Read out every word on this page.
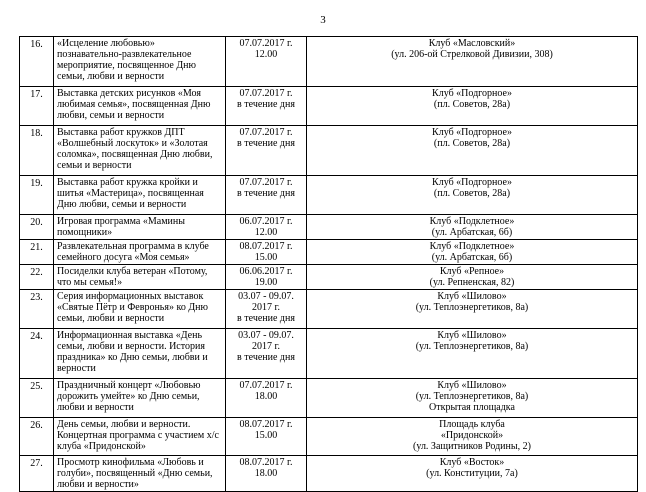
3
16.	«Исцеление любовью» познавательно-развлекательное мероприятие, посвященное Дню семьи, любви и верности	07.07.2017 г.
12.00	Клуб «Масловский»
(ул. 206-ой Стрелковой Дивизии, 308)

17.	Выставка детских рисунков «Моя любимая семья», посвященная Дню любви, семьи и верности	07.07.2017 г.
в течение дня	Клуб «Подгорное»
(пл. Советов, 28а)

18.	Выставка работ кружков ДПТ «Волшебный лоскуток» и «Золотая соломка», посвященная Дню любви, семьи и верности	07.07.2017 г.
в течение дня	Клуб «Подгорное»
(пл. Советов, 28а)

19.	Выставка работ кружка кройки и шитья «Мастерица», посвященная Дню любви, семьи и верности	07.07.2017 г.
в течение дня	Клуб «Подгорное»
(пл. Советов, 28а)

20.	Игровая программа «Мамины помощники»	06.07.2017 г.
12.00	Клуб «Подклетное»
(ул. Арбатская, 6б)

21.	Развлекательная программа в клубе семейного досуга «Моя семья»	08.07.2017 г.
15.00	Клуб «Подклетное»
(ул. Арбатская, 6б)

22.	Посиделки клуба ветеран «Потому, что мы семья!»	06.06.2017 г.
19.00	Клуб «Репное»
(ул. Репненская, 82)

23.	Серия информационных выставок «Святые Пётр и Февронья» ко Дню семьи, любви и верности	03.07 - 09.07.
2017 г.
в течение дня	Клуб «Шилово»
(ул. Теплоэнергетиков, 8а)

24.	Информационная выставка «День семьи, любви и верности. История праздника» ко Дню семьи, любви и верности	03.07 - 09.07.
2017 г.
в течение дня	Клуб «Шилово»
(ул. Теплоэнергетиков, 8а)

25.	Праздничный концерт «Любовью дорожить умейте» ко Дню семьи, любви и верности	07.07.2017 г.
18.00	Клуб «Шилово»
(ул. Теплоэнергетиков, 8а)
Открытая площадка

26.	День семьи, любви и верности. Концертная программа с участием х/с клуба «Придонской»	08.07.2017 г.
15.00	Площадь клуба
«Придонской»
(ул. Защитников Родины, 2)

27.	Просмотр кинофильма «Любовь и голуби», посвященный «Дню семьи, любви и верности»	08.07.2017 г.
18.00	Клуб «Восток»
(ул. Конституции, 7а)
